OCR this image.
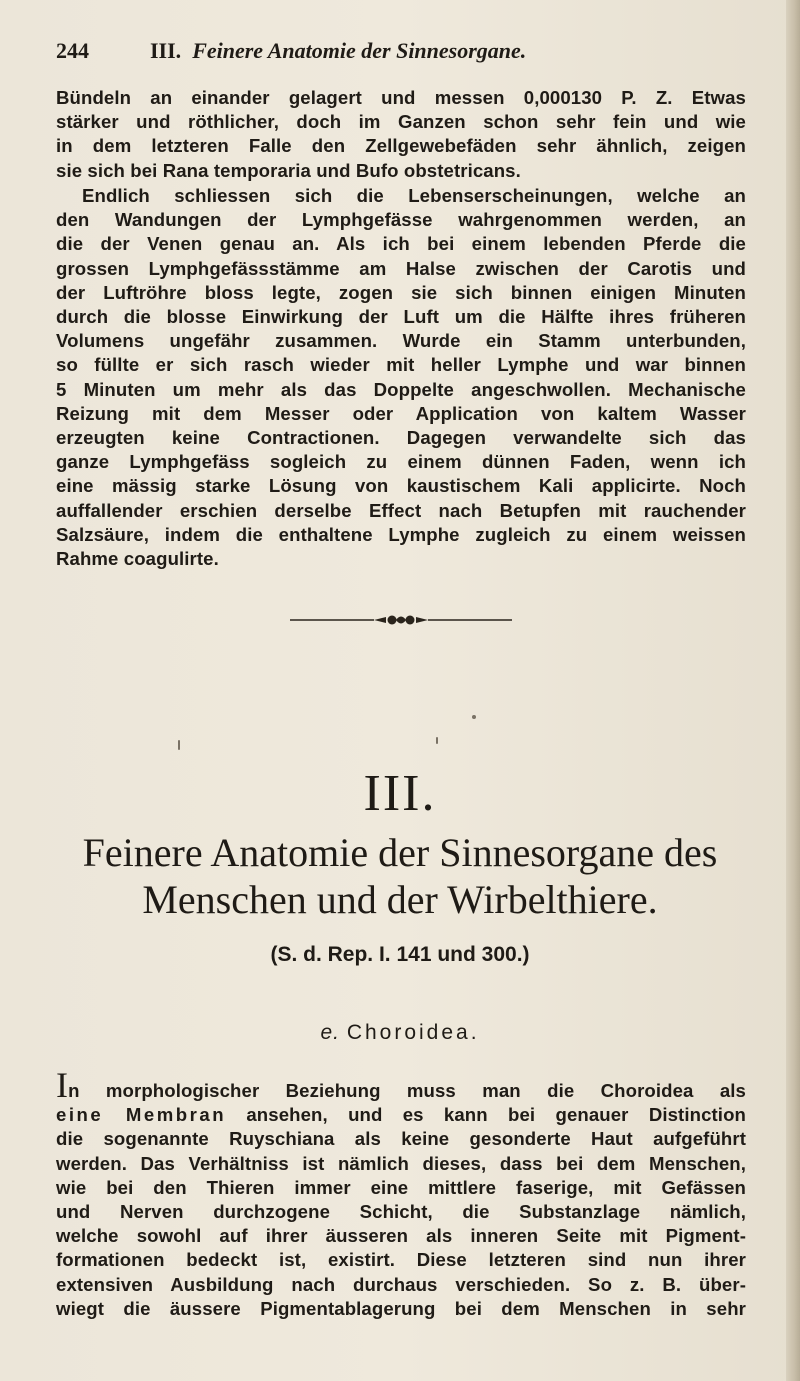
244	III. Feinere Anatomie der Sinnesorgane.
Bündeln an einander gelagert und messen 0,000130 P. Z. Etwas
stärker und röthlicher, doch im Ganzen schon sehr fein und wie
in dem letzteren Falle den Zellgewebefäden sehr ähnlich, zeigen
sie sich bei Rana temporaria und Bufo obstetricans.
Endlich schliessen sich die Lebenserscheinungen, welche an
den Wandungen der Lymphgefässe wahrgenommen werden, an
die der Venen genau an. Als ich bei einem lebenden Pferde die
grossen Lymphgefässstämme am Halse zwischen der Carotis und
der Luftröhre bloss legte, zogen sie sich binnen einigen Minuten
durch die blosse Einwirkung der Luft um die Hälfte ihres früheren
Volumens ungefähr zusammen. Wurde ein Stamm unterbunden,
so füllte er sich rasch wieder mit heller Lymphe und war binnen
5 Minuten um mehr als das Doppelte angeschwollen. Mechanische
Reizung mit dem Messer oder Application von kaltem Wasser
erzeugten keine Contractionen. Dagegen verwandelte sich das
ganze Lymphgefäss sogleich zu einem dünnen Faden, wenn ich
eine mässig starke Lösung von kaustischem Kali applicirte. Noch
auffallender erschien derselbe Effect nach Betupfen mit rauchender
Salzsäure, indem die enthaltene Lymphe zugleich zu einem weissen
Rahme coagulirte.
III.
Feinere Anatomie der Sinnesorgane des
Menschen und der Wirbelthiere.
(S. d. Rep. I. 141 und 300.)
e. Choroidea.
In morphologischer Beziehung muss man die Choroidea als
eine Membran ansehen, und es kann bei genauer Distinction
die sogenannte Ruyschiana als keine gesonderte Haut aufgeführt
werden. Das Verhältniss ist nämlich dieses, dass bei dem Menschen,
wie bei den Thieren immer eine mittlere faserige, mit Gefässen
und Nerven durchzogene Schicht, die Substanzlage nämlich,
welche sowohl auf ihrer äusseren als inneren Seite mit Pigment-
formationen bedeckt ist, existirt. Diese letzteren sind nun ihrer
extensiven Ausbildung nach durchaus verschieden. So z. B. über-
wiegt die äussere Pigmentablagerung bei dem Menschen in sehr
